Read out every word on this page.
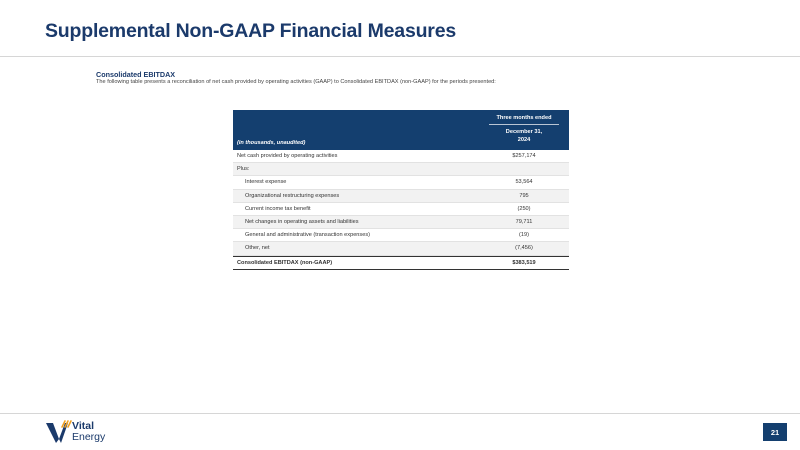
Supplemental Non-GAAP Financial Measures
Consolidated EBITDAX
The following table presents a reconciliation of net cash provided by operating activities (GAAP) to Consolidated EBITDAX (non-GAAP) for the periods presented:
Three months ended
December 31,
2024
(in thousands, unaudited)
Net cash provided by operating activities	$257,174
Plus:
Interest expense	53,564
Organizational restructuring expenses	795
Current income tax benefit	(250)
Net changes in operating assets and liabilities	79,711
General and administrative (transaction expenses)	(19)
Other, net	(7,456)
Consolidated EBITDAX (non-GAAP)	$383,519
Vital
Energy	21
